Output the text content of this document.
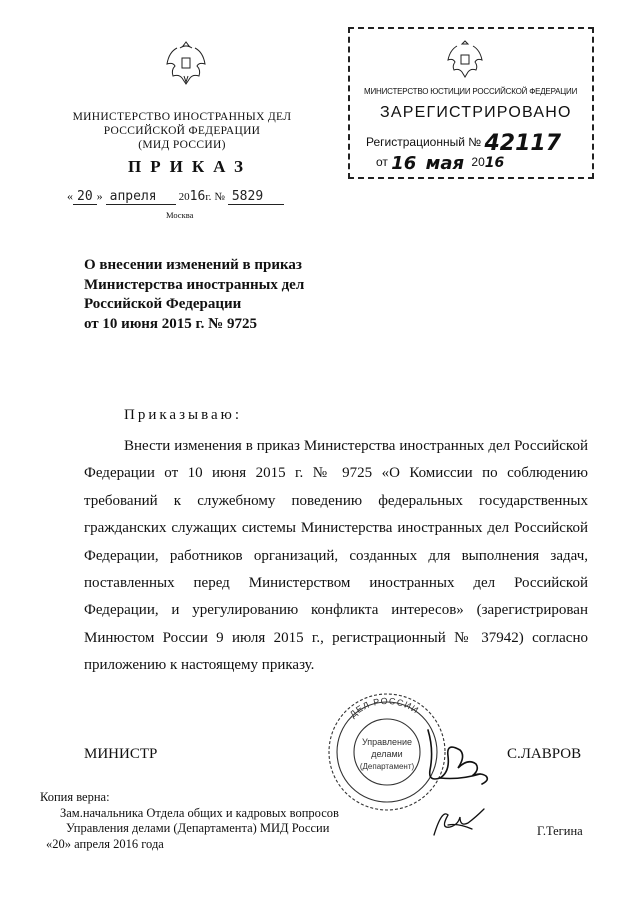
МИНИСТЕРСТВО ИНОСТРАННЫХ ДЕЛ
РОССИЙСКОЙ ФЕДЕРАЦИИ
(МИД РОССИИ)
ПРИКАЗ
« 20 » апреля 2016г. № 5829
Москва
МИНИСТЕРСТВО ЮСТИЦИИ РОССИЙСКОЙ ФЕДЕРАЦИИ
ЗАРЕГИСТРИРОВАНО
Регистрационный № 42117
от 16 мая 2016
О внесении изменений в приказ
Министерства иностранных дел
Российской Федерации
от 10 июня 2015 г. № 9725
Приказываю:
Внести изменения в приказ Министерства иностранных дел Российской Федерации от 10 июня 2015 г. № 9725 «О Комиссии по соблюдению требований к служебному поведению федеральных государственных гражданских служащих системы Министерства иностранных дел Российской Федерации, работников организаций, созданных для выполнения задач, поставленных перед Министерством иностранных дел Российской Федерации, и урегулированию конфликта интересов» (зарегистрирован Минюстом России 9 июля 2015 г., регистрационный № 37942) согласно приложению к настоящему приказу.
МИНИСТР
ДЕЛ РОССИИ
Управление
делами
(Департамент)
С.ЛАВРОВ
Копия верна:
Зам.начальника Отдела общих и кадровых вопросов
Управления делами (Департамента) МИД России
«20» апреля 2016 года
Г.Тегина
